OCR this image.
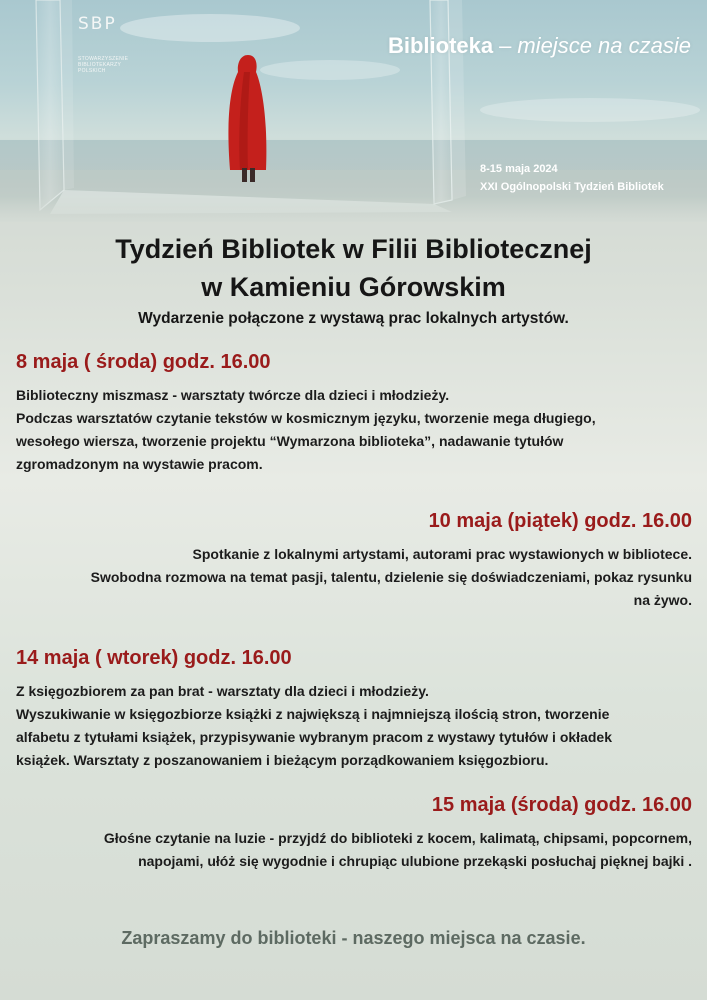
SBP
STOWARZYSZENIE
BIBLIOTEKARZY
POLSKICH
Biblioteka – miejsce na czasie
8-15 maja 2024
XXI Ogólnopolski Tydzień Bibliotek
Tydzień Bibliotek w Filii Bibliotecznej
w Kamieniu Górowskim
Wydarzenie połączone z wystawą prac lokalnych artystów.
8 maja ( środa) godz. 16.00
Biblioteczny miszmasz - warsztaty twórcze dla dzieci i młodzieży.
Podczas warsztatów czytanie tekstów w kosmicznym języku, tworzenie mega długiego,
wesołego wiersza, tworzenie projektu “Wymarzona biblioteka”, nadawanie tytułów
zgromadzonym na wystawie pracom.
10 maja (piątek) godz. 16.00
Spotkanie z lokalnymi artystami, autorami prac wystawionych w bibliotece.
Swobodna rozmowa na temat pasji, talentu, dzielenie się doświadczeniami, pokaz rysunku
na żywo.
14 maja ( wtorek) godz. 16.00
Z księgozbiorem za pan brat - warsztaty dla dzieci i młodzieży.
Wyszukiwanie w księgozbiorze książki z największą i najmniejszą ilością stron, tworzenie
alfabetu z tytułami książek, przypisywanie wybranym pracom z wystawy tytułów i okładek
książek. Warsztaty z poszanowaniem i bieżącym porządkowaniem księgozbioru.
15 maja (środa) godz. 16.00
Głośne czytanie na luzie - przyjdź do biblioteki z kocem, kalimatą, chipsami, popcornem,
napojami, ułóż się wygodnie i chrupiąc ulubione przekąski posłuchaj pięknej bajki .
Zapraszamy do biblioteki - naszego miejsca na czasie.
